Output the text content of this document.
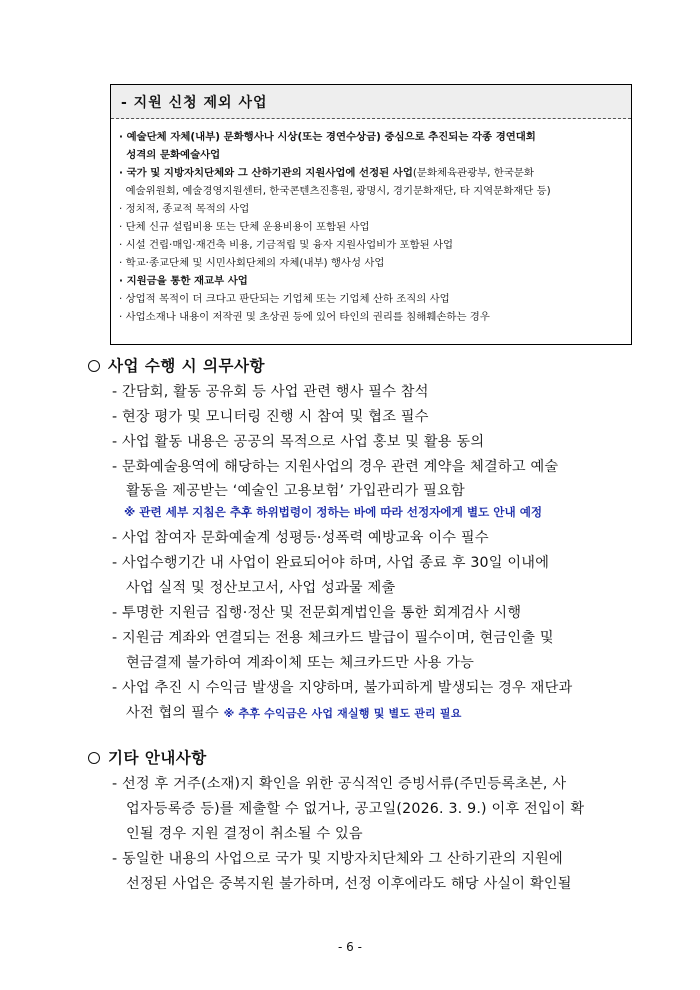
- 지원 신청 제외 사업
· 예술단체 자체(내부) 문화행사나 시상(또는 경연수상금) 중심으로 추진되는 각종 경연대회
성격의 문화예술사업
· 국가 및 지방자치단체와 그 산하기관의 지원사업에 선정된 사업(문화체육관광부, 한국문화
예술위원회, 예술경영지원센터, 한국콘텐츠진흥원, 광명시, 경기문화재단, 타 지역문화재단 등)
· 정치적, 종교적 목적의 사업
· 단체 신규 설립비용 또는 단체 운용비용이 포함된 사업
· 시설 건립·매입·재건축 비용, 기금적립 및 융자 지원사업비가 포함된 사업
· 학교·종교단체 및 시민사회단체의 자체(내부) 행사성 사업
· 지원금을 통한 재교부 사업
· 상업적 목적이 더 크다고 판단되는 기업체 또는 기업체 산하 조직의 사업
· 사업소재나 내용이 저작권 및 초상권 등에 있어 타인의 권리를 침해훼손하는 경우
사업 수행 시 의무사항
- 간담회, 활동 공유회 등 사업 관련 행사 필수 참석
- 현장 평가 및 모니터링 진행 시 참여 및 협조 필수
- 사업 활동 내용은 공공의 목적으로 사업 홍보 및 활용 동의
- 문화예술용역에 해당하는 지원사업의 경우 관련 계약을 체결하고 예술
활동을 제공받는 ‘예술인 고용보험’ 가입관리가 필요함
※ 관련 세부 지침은 추후 하위법령이 정하는 바에 따라 선정자에게 별도 안내 예정
- 사업 참여자 문화예술계 성평등·성폭력 예방교육 이수 필수
- 사업수행기간 내 사업이 완료되어야 하며, 사업 종료 후 30일 이내에
사업 실적 및 정산보고서, 사업 성과물 제출
- 투명한 지원금 집행·정산 및 전문회계법인을 통한 회계검사 시행
- 지원금 계좌와 연결되는 전용 체크카드 발급이 필수이며, 현금인출 및
현금결제 불가하여 계좌이체 또는 체크카드만 사용 가능
- 사업 추진 시 수익금 발생을 지양하며, 불가피하게 발생되는 경우 재단과
사전 협의 필수 ※ 추후 수익금은 사업 재실행 및 별도 관리 필요
기타 안내사항
- 선정 후 거주(소재)지 확인을 위한 공식적인 증빙서류(주민등록초본, 사
업자등록증 등)를 제출할 수 없거나, 공고일(2026. 3. 9.) 이후 전입이 확
인될 경우 지원 결정이 취소될 수 있음
- 동일한 내용의 사업으로 국가 및 지방자치단체와 그 산하기관의 지원에
선정된 사업은 중복지원 불가하며, 선정 이후에라도 해당 사실이 확인될
- 6 -
